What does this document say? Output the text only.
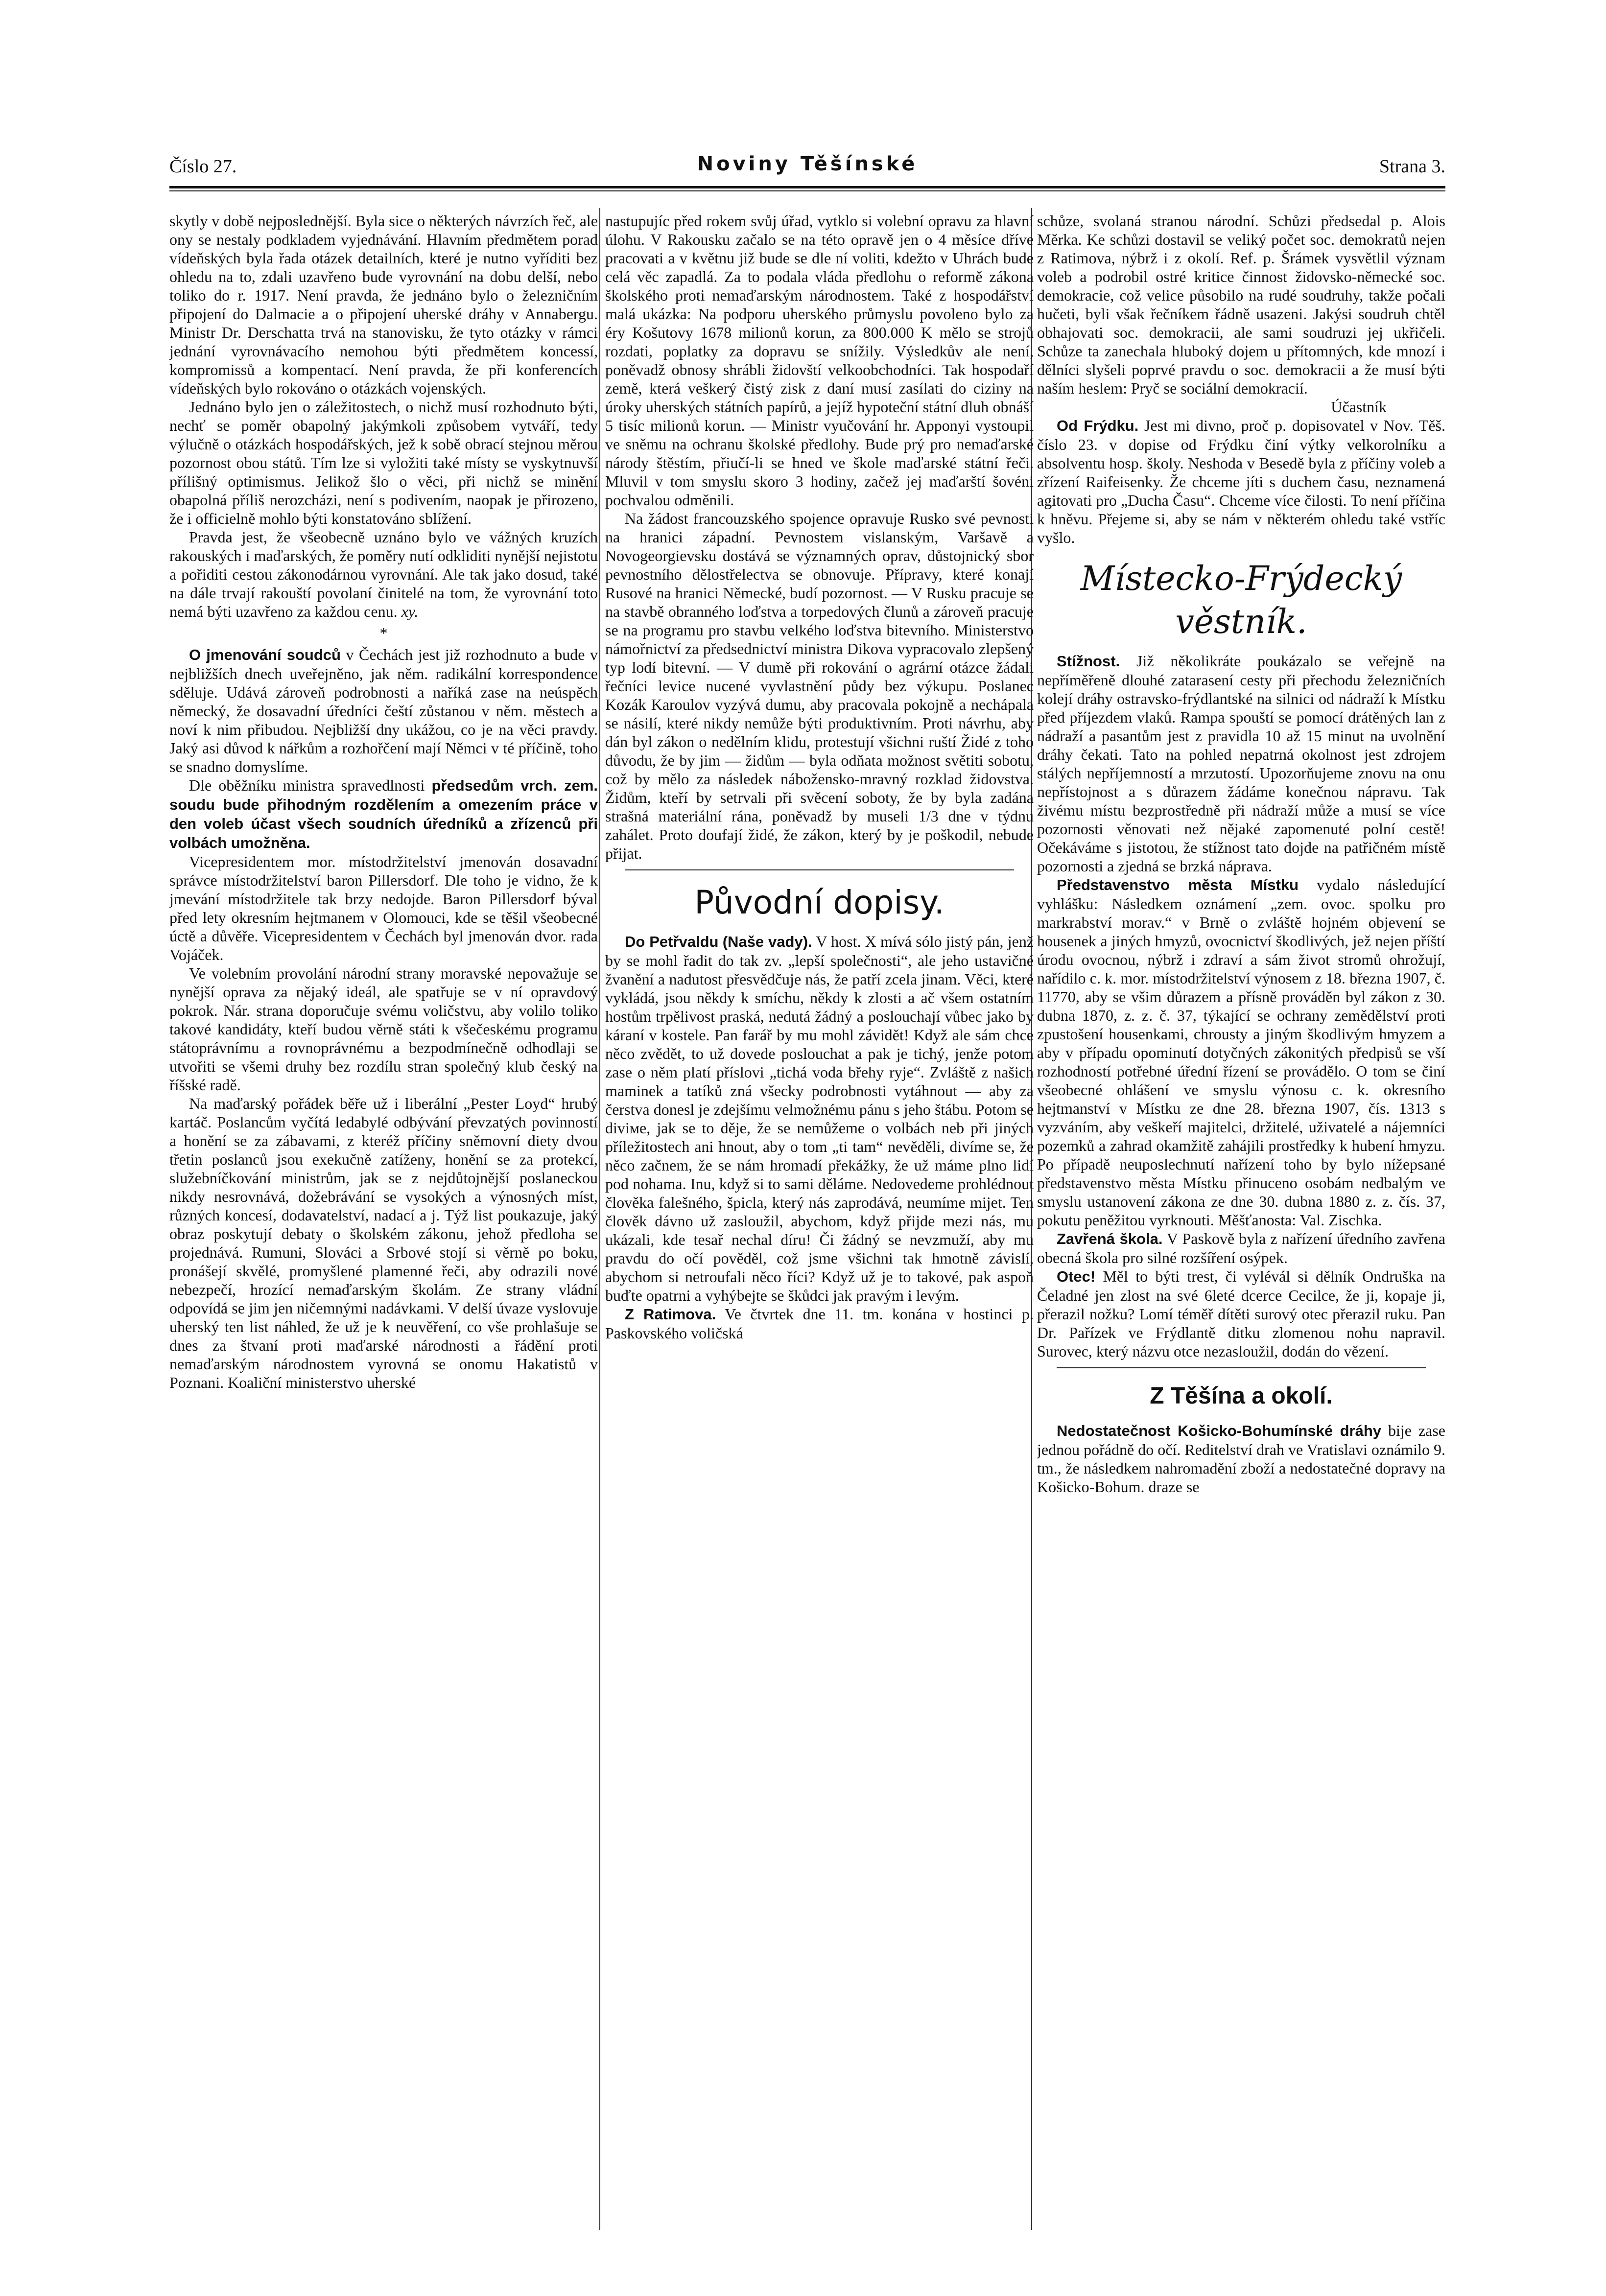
Číslo 27.	Noviny Těšínské	Strana 3.

skytly v době nejposlednější. Byla sice o některých návrzích řeč, ale ony se nestaly podkladem vyjednávání. Hlavním předmětem porad vídeňských byla řada otázek detailních, které je nutno vyříditi bez ohledu na to, zdali uzavřeno bude vyrovnání na dobu delší, nebo toliko do r. 1917. Není pravda, že jednáno bylo o železničním připojení do Dalmacie a o připojení uherské dráhy v Annabergu. Ministr Dr. Derschatta trvá na stanovisku, že tyto otázky v rámci jednání vyrovnávacího nemohou býti předmětem koncessí, kompromissů a kompentací. Není pravda, že při konferencích vídeňských bylo rokováno o otázkách vojenských.

Jednáno bylo jen o záležitostech, o nichž musí rozhodnuto býti, nechť se poměr obapolný jakýmkoli způsobem vytváří, tedy výlučně o otázkách hospodářských, jež k sobě obrací stejnou měrou pozornost obou států. Tím lze si vyložiti také místy se vyskytnuvší přílišný optimismus. Jelikož šlo o věci, při nichž se minění obapolná příliš nerozcházi, není s podivením, naopak je přirozeno, že i officielně mohlo býti konstatováno sblížení.

Pravda jest, že všeobecně uznáno bylo ve vážných kruzích rakouských i maďarských, že poměry nutí odkliditi nynější nejistotu a pořiditi cestou zákonodárnou vyrovnání. Ale tak jako dosud, také na dále trvají rakouští povolaní činitelé na tom, že vyrovnání toto nemá býti uzavřeno za každou cenu. xy.

*

O jmenování soudců v Čechách jest již rozhodnuto a bude v nejbližších dnech uveřejněno, jak něm. radikální korrespondence sděluje. Udává zároveň podrobnosti a naříká zase na neúspěch německý, že dosavadní úředníci čeští zůstanou v něm. městech a noví k nim přibudou. Nejbližší dny ukážou, co je na věci pravdy. Jaký asi důvod k nářkům a rozhořčení mají Němci v té příčině, toho se snadno domyslíme.

Dle oběžníku ministra spravedlnosti předsedům vrch. zem. soudu bude přihodným rozdělením a omezením práce v den voleb účast všech soudních úředníků a zřízenců při volbách umožněna.

Vicepresidentem mor. místodržitelství jmenován dosavadní správce místodržitelství baron Pillersdorf. Dle toho je vidno, že k jmevání místodržitele tak brzy nedojde. Baron Pillersdorf býval před lety okresním hejtmanem v Olomouci, kde se těšil všeobecné úctě a důvěře. Vicepresidentem v Čechách byl jmenován dvor. rada Vojáček.

Ve volebním provolání národní strany moravské nepovažuje se nynější oprava za nějaký ideál, ale spatřuje se v ní opravdový pokrok. Nár. strana doporučuje svému voličstvu, aby volilo toliko takové kandidáty, kteří budou věrně státi k všečeskému programu státoprávnímu a rovnoprávnému a bezpodmínečně odhodlaji se utvořiti se všemi druhy bez rozdílu stran společný klub český na říšské radě.

Na maďarský pořádek běře už i liberální „Pester Loyd“ hrubý kartáč. Poslancům vyčítá ledabylé odbývání převzatých povinností a honění se za zábavami, z kteréž příčiny sněmovní diety dvou třetin poslanců jsou exekučně zatíženy, honění se za protekcí, služebníčkování ministrům, jak se z nejdůtojnější poslaneckou nikdy nesrovnává, dožebrávání se vysokých a výnosných míst, různých koncesí, dodavatelství, nadací a j. Týž list poukazuje, jaký obraz poskytují debaty o školském zákonu, jehož předloha se projednává. Rumuni, Slováci a Srbové stojí si věrně po boku, pronášejí skvělé, promyšlené plamenné řeči, aby odrazili nové nebezpečí, hrozící nemaďarským školám. Ze strany vládní odpovídá se jim jen ničemnými nadávkami. V delší úvaze vyslovuje uherský ten list náhled, že už je k neuvěření, co vše prohlašuje se dnes za štvaní proti maďarské národnosti a řádění proti nemaďarským národnostem vyrovná se onomu Hakatistů v Poznani. Koaliční ministerstvo uherské

nastupujíc před rokem svůj úřad, vytklo si volební opravu za hlavní úlohu. V Rakousku začalo se na této opravě jen o 4 měsíce dříve pracovati a v květnu již bude se dle ní voliti, kdežto v Uhrách bude celá věc zapadlá. Za to podala vláda předlohu o reformě zákona školského proti nemaďarským národnostem. Také z hospodářství malá ukázka: Na podporu uherského průmyslu povoleno bylo za éry Košutovy 1678 milionů korun, za 800.000 K mělo se strojů rozdati, poplatky za dopravu se snížily. Výsledkův ale není, poněvadž obnosy shrábli židovští velkoobchodníci. Tak hospodaří země, která veškerý čistý zisk z daní musí zasílati do ciziny na úroky uherských státních papírů, a jejíž hypoteční státní dluh obnáší 5 tisíc milionů korun. — Ministr vyučování hr. Apponyi vystoupil ve sněmu na ochranu školské předlohy. Bude prý pro nemaďarské národy štěstím, přiučí-li se hned ve škole maďarské státní řeči. Mluvil v tom smyslu skoro 3 hodiny, začež jej maďarští šovéni pochvalou odměnili.

Na žádost francouzského spojence opravuje Rusko své pevnosti na hranici západní. Pevnostem vislanským, Varšavě a Novogeorgievsku dostává se významných oprav, důstojnický sbor pevnostního dělostřelectva se obnovuje. Přípravy, které konají Rusové na hranici Německé, budí pozornost. — V Rusku pracuje se na stavbě obranného loďstva a torpedových člunů a zároveň pracuje se na programu pro stavbu velkého loďstva bitevního. Ministerstvo námořnictví za předsednictví ministra Dikova vypracovalo zlepšený typ lodí bitevní. — V dumě při rokování o agrární otázce žádali řečníci levice nucené vyvlastnění půdy bez výkupu. Poslanec Kozák Karoulov vyzývá dumu, aby pracovala pokojně a nechápala se násilí, které nikdy nemůže býti produktivním. Proti návrhu, aby dán byl zákon o nedělním klidu, protestují všichni ruští Židé z toho důvodu, že by jim — židům — byla odňata možnost světiti sobotu, což by mělo za následek nábožensko-mravný rozklad židovstva. Židům, kteří by setrvali při svěcení soboty, že by byla zadána strašná materiální rána, poněvadž by museli 1/3 dne v týdnu zahálet. Proto doufají židé, že zákon, který by je poškodil, nebude přijat.

Původní dopisy.

Do Petřvaldu (Naše vady). V host. X mívá sólo jistý pán, jenž by se mohl řadit do tak zv. „lepší společnosti“, ale jeho ustavičné žvanění a nadutost přesvědčuje nás, že patří zcela jinam. Věci, které vykládá, jsou někdy k smíchu, někdy k zlosti a ač všem ostatním hostům trpělivost praská, nedutá žádný a poslouchají vůbec jako by káraní v kostele. Pan farář by mu mohl závidět! Když ale sám chce něco zvědět, to už dovede poslouchat a pak je tichý, jenže potom zase o něm platí příslovi „tichá voda břehy ryje“. Zvláště z našich maminek a tatíků zná všecky podrobnosti vytáhnout — aby za čerstva donesl je zdejšímu velmožnému pánu s jeho štábu. Potom se diviме, jak se to děje, že se nemůžeme o volbách neb při jiných příležitostech ani hnout, aby o tom „ti tam“ nevěděli, divíme se, že něco začnem, že se nám hromadí překážky, že už máme plno lidí pod nohama. Inu, když si to sami děláme. Nedovedeme prohlédnout člověka falešného, špicla, který nás zaprodává, neumíme mijet. Ten člověk dávno už zasloužil, abychom, když přijde mezi nás, mu ukázali, kde tesař nechal díru! Či žádný se nevzmuží, aby mu pravdu do očí pověděl, což jsme všichni tak hmotně závislí, abychom si netroufali něco říci? Když už je to takové, pak aspoň buďte opatrni a vyhýbejte se škůdci jak pravým i levým.

Z Ratimova. Ve čtvrtek dne 11. tm. konána v hostinci p. Paskovského voličská

schůze, svolaná stranou národní. Schůzi předsedal p. Alois Měrka. Ke schůzi dostavil se veliký počet soc. demokratů nejen z Ratimova, nýbrž i z okolí. Ref. p. Šrámek vysvětlil význam voleb a podrobil ostré kritice činnost židovsko-německé soc. demokracie, což velice působilo na rudé soudruhy, takže počali hučeti, byli však řečníkem řádně usazeni. Jakýsi soudruh chtěl obhajovati soc. demokracii, ale sami soudruzi jej ukřičeli. Schůze ta zanechala hluboký dojem u přítomných, kde mnozí i dělníci slyšeli poprvé pravdu o soc. demokracii a že musí býti naším heslem: Pryč se sociální demokracií.

Účastník

Od Frýdku. Jest mi divno, proč p. dopisovatel v Nov. Těš. číslo 23. v dopise od Frýdku činí výtky velkorolníku a absolventu hosp. školy. Neshoda v Besedě byla z příčiny voleb a zřízení Raifeisenky. Že chceme jíti s duchem času, neznamená agitovati pro „Ducha Času“. Chceme více čilosti. To není příčina k hněvu. Přejeme si, aby se nám v některém ohledu také vstříc vyšlo.

Místecko-Frýdecký věstník.

Stížnost. Již několikráte poukázalo se veřejně na nepříměřeně dlouhé zatarasení cesty při přechodu železničních kolejí dráhy ostravsko-frýdlantské na silnici od nádraží k Místku před příjezdem vlaků. Rampa spouští se pomocí drátěných lan z nádraží a pasantům jest z pravidla 10 až 15 minut na uvolnění dráhy čekati. Tato na pohled nepatrná okolnost jest zdrojem stálých nepříjemností a mrzutostí. Upozorňujeme znovu na onu nepřístojnost a s důrazem žádáme konečnou nápravu. Tak živému místu bezprostředně při nádraží může a musí se více pozornosti věnovati než nějaké zapomenuté polní cestě! Očekáváme s jistotou, že stížnost tato dojde na patřičném místě pozornosti a zjedná se brzká náprava.

Představenstvo města Místku vydalo následující vyhlášku: Následkem oznámení „zem. ovoc. spolku pro markrabství morav.“ v Brně o zvláště hojném objevení se housenek a jiných hmyzů, ovocnictví škodlivých, jež nejen příští úrodu ovocnou, nýbrž i zdraví a sám život stromů ohrožují, nařídilo c. k. mor. místodržitelství výnosem z 18. března 1907, č. 11770, aby se všim důrazem a přísně prováděn byl zákon z 30. dubna 1870, z. z. č. 37, týkající se ochrany zemědělství proti zpustošení housenkami, chrousty a jiným škodlivým hmyzem a aby v případu opominutí dotyčných zákonitých předpisů se vší rozhodností potřebné úřední řízení se provádělo. O tom se činí všeobecné ohlášení ve smyslu výnosu c. k. okresního hejtmanství v Místku ze dne 28. března 1907, čís. 1313 s vyzváním, aby veškeří majitelci, držitelé, uživatelé a nájemníci pozemků a zahrad okamžitě zahájili prostředky k hubení hmyzu. Po případě neuposlechnutí nařízení toho by bylo nížepsané představenstvo města Místku přinuceno osobám nedbalým ve smyslu ustanovení zákona ze dne 30. dubna 1880 z. z. čís. 37, pokutu peněžitou vyrknouti. Měšťanosta: Val. Zischka.

Zavřená škola. V Paskově byla z nařízení úředního zavřena obecná škola pro silné rozšíření osýpek.

Otec! Měl to býti trest, či vylévál si dělník Ondruška na Čeladné jen zlost na své 6leté dcerce Cecilce, že ji, kopaje ji, přerazil nožku? Lomí téměř dítěti surový otec přerazil ruku. Pan Dr. Pařízek ve Frýdlantě ditku zlomenou nohu napravil. Surovec, který názvu otce nezasloužil, dodán do vězení.

Z Těšína a okolí.

Nedostatečnost Košicko-Bohumínské dráhy bije zase jednou pořádně do očí. Reditelství drah ve Vratislavi oznámilo 9. tm., že následkem nahromadění zboží a nedostatečné dopravy na Košicko-Bohum. draze se
